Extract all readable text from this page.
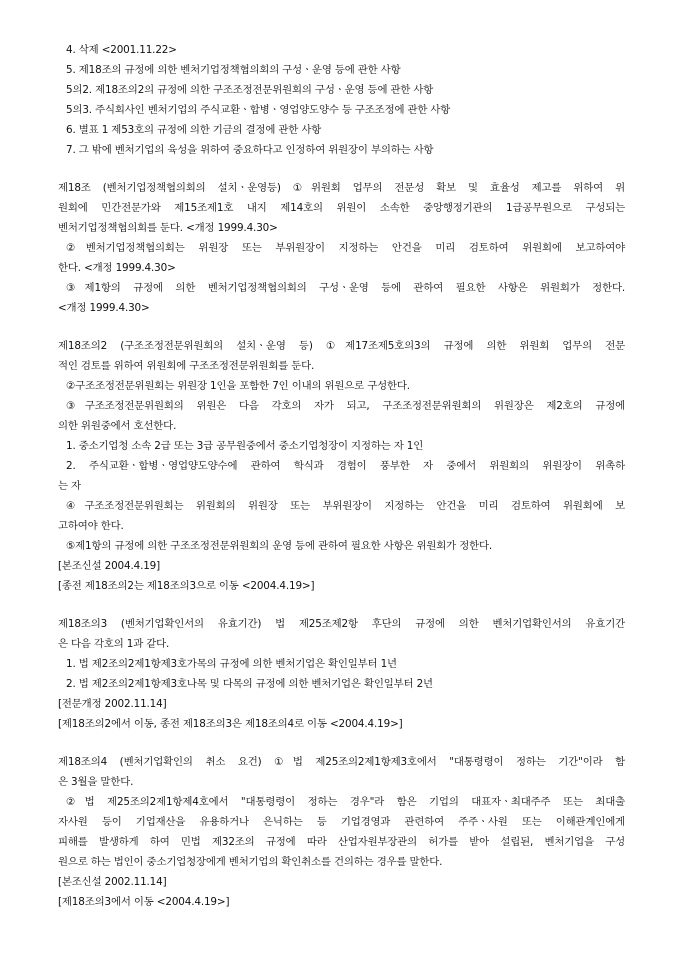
4. 삭제 <2001.11.22>
5. 제18조의 규정에 의한 벤처기업정책협의회의 구성ㆍ운영 등에 관한 사항
5의2. 제18조의2의 규정에 의한 구조조정전문위원회의 구성ㆍ운영 등에 관한 사항
5의3. 주식회사인 벤처기업의 주식교환ㆍ합병ㆍ영업양도양수 등 구조조정에 관한 사항
6. 별표 1 제53호의 규정에 의한 기금의 결정에 관한 사항
7. 그 밖에 벤처기업의 육성을 위하여 중요하다고 인정하여 위원장이 부의하는 사항
제18조 (벤처기업정책협의회의 설치ㆍ운영등) ①위원회 업무의 전문성 확보 및 효율성 제고를 위하여 위
원회에 민간전문가와 제15조제1호 내지 제14호의 위원이 소속한 중앙행정기관의 1급공무원으로 구성되는
벤처기업정책협의회를 둔다. <개정 1999.4.30>
②벤처기업정책협의회는 위원장 또는 부위원장이 지정하는 안건을 미리 검토하여 위원회에 보고하여야
한다. <개정 1999.4.30>
③제1항의 규정에 의한 벤처기업정책협의회의 구성ㆍ운영 등에 관하여 필요한 사항은 위원회가 정한다.
<개정 1999.4.30>
제18조의2 (구조조정전문위원회의 설치ㆍ운영 등) ①제17조제5호의3의 규정에 의한 위원회 업무의 전문
적인 검토를 위하여 위원회에 구조조정전문위원회를 둔다.
②구조조정전문위원회는 위원장 1인을 포함한 7인 이내의 위원으로 구성한다.
③구조조정전문위원회의 위원은 다음 각호의 자가 되고, 구조조정전문위원회의 위원장은 제2호의 규정에
의한 위원중에서 호선한다.
1. 중소기업청 소속 2급 또는 3급 공무원중에서 중소기업청장이 지정하는 자 1인
2. 주식교환ㆍ합병ㆍ영업양도양수에 관하여 학식과 경험이 풍부한 자 중에서 위원회의 위원장이 위촉하
는 자
④구조조정전문위원회는 위원회의 위원장 또는 부위원장이 지정하는 안건을 미리 검토하여 위원회에 보
고하여야 한다.
⑤제1항의 규정에 의한 구조조정전문위원회의 운영 등에 관하여 필요한 사항은 위원회가 정한다.
[본조신설 2004.4.19]
[종전 제18조의2는 제18조의3으로 이동 <2004.4.19>]
제18조의3 (벤처기업확인서의 유효기간) 법 제25조제2항 후단의 규정에 의한 벤처기업확인서의 유효기간
은 다음 각호의 1과 같다.
1. 법 제2조의2제1항제3호가목의 규정에 의한 벤처기업은 확인일부터 1년
2. 법 제2조의2제1항제3호나목 및 다목의 규정에 의한 벤처기업은 확인일부터 2년
[전문개정 2002.11.14]
[제18조의2에서 이동, 종전 제18조의3은 제18조의4로 이동 <2004.4.19>]
제18조의4 (벤처기업확인의 취소 요건) ①법 제25조의2제1항제3호에서 "대통령령이 정하는 기간"이라 함
은 3월을 말한다.
②법 제25조의2제1항제4호에서 "대통령령이 정하는 경우"라 함은 기업의 대표자ㆍ최대주주 또는 최대출
자사원 등이 기업재산을 유용하거나 은닉하는 등 기업경영과 관련하여 주주ㆍ사원 또는 이해관계인에게
피해를 발생하게 하여 민법 제32조의 규정에 따라 산업자원부장관의 허가를 받아 설립된, 벤처기업을 구성
원으로 하는 법인이 중소기업청장에게 벤처기업의 확인취소를 건의하는 경우를 말한다.
[본조신설 2002.11.14]
[제18조의3에서 이동 <2004.4.19>]
